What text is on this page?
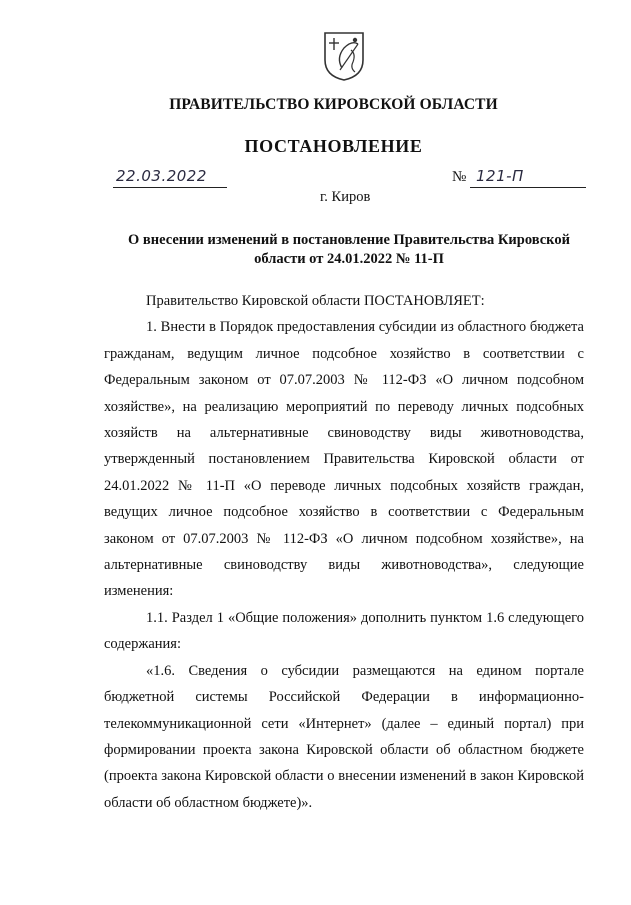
ПРАВИТЕЛЬСТВО КИРОВСКОЙ ОБЛАСТИ
ПОСТАНОВЛЕНИЕ
22.03.2022	№ 121-П
г. Киров
О внесении изменений в постановление Правительства Кировской области от 24.01.2022 № 11-П

Правительство Кировской области ПОСТАНОВЛЯЕТ:

1. Внести в Порядок предоставления субсидии из областного бюджета гражданам, ведущим личное подсобное хозяйство в соответствии с Федеральным законом от 07.07.2003 № 112-ФЗ «О личном подсобном хозяйстве», на реализацию мероприятий по переводу личных подсобных хозяйств на альтернативные свиноводству виды животноводства, утвержденный постановлением Правительства Кировской области от 24.01.2022 № 11-П «О переводе личных подсобных хозяйств граждан, ведущих личное подсобное хозяйство в соответствии с Федеральным законом от 07.07.2003 № 112-ФЗ «О личном подсобном хозяйстве», на альтернативные свиноводству виды животноводства», следующие изменения:

1.1. Раздел 1 «Общие положения» дополнить пунктом 1.6 следующего содержания:

«1.6. Сведения о субсидии размещаются на едином портале бюджетной системы Российской Федерации в информационно-телекоммуникационной сети «Интернет» (далее – единый портал) при формировании проекта закона Кировской области об областном бюджете (проекта закона Кировской области о внесении изменений в закон Кировской области об областном бюджете)».
